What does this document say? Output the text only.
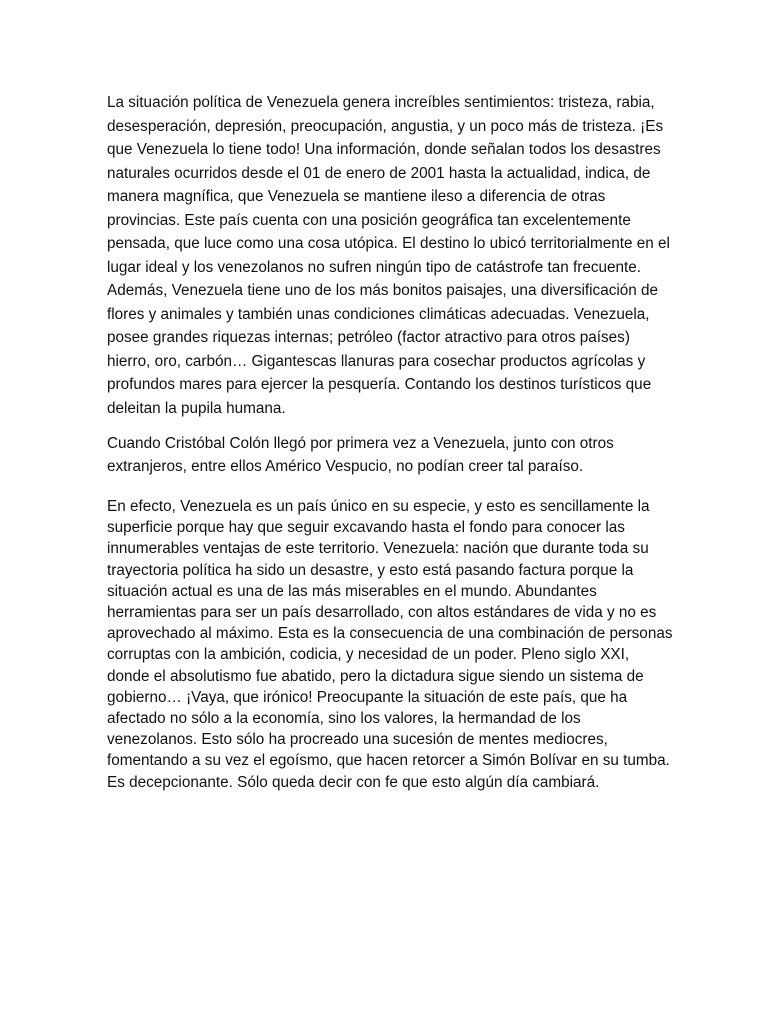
La situación política de Venezuela genera increíbles sentimientos: tristeza, rabia, desesperación, depresión, preocupación, angustia, y un poco más de tristeza. ¡Es que Venezuela lo tiene todo! Una información, donde señalan todos los desastres naturales ocurridos desde el 01 de enero de 2001 hasta la actualidad, indica, de manera magnífica, que Venezuela se mantiene ileso a diferencia de otras provincias. Este país cuenta con una posición geográfica tan excelentemente pensada, que luce como una cosa utópica. El destino lo ubicó territorialmente en el lugar ideal y los venezolanos no sufren ningún tipo de catástrofe tan frecuente. Además, Venezuela tiene uno de los más bonitos paisajes, una diversificación de flores y animales y también unas condiciones climáticas adecuadas. Venezuela, posee grandes riquezas internas; petróleo (factor atractivo para otros países) hierro, oro, carbón… Gigantescas llanuras para cosechar productos agrícolas y profundos mares para ejercer la pesquería. Contando los destinos turísticos que deleitan la pupila humana.

Cuando Cristóbal Colón llegó por primera vez a Venezuela, junto con otros extranjeros, entre ellos Américo Vespucio, no podían creer tal paraíso.

En efecto, Venezuela es un país único en su especie, y esto es sencillamente la superficie porque hay que seguir excavando hasta el fondo para conocer las innumerables ventajas de este territorio. Venezuela: nación que durante toda su trayectoria política ha sido un desastre, y esto está pasando factura porque la situación actual es una de las más miserables en el mundo. Abundantes herramientas para ser un país desarrollado, con altos estándares de vida y no es aprovechado al máximo. Esta es la consecuencia de una combinación de personas corruptas con la ambición, codicia, y necesidad de un poder. Pleno siglo XXI, donde el absolutismo fue abatido, pero la dictadura sigue siendo un sistema de gobierno… ¡Vaya, que irónico! Preocupante la situación de este país, que ha afectado no sólo a la economía, sino los valores, la hermandad de los venezolanos. Esto sólo ha procreado una sucesión de mentes mediocres, fomentando a su vez el egoísmo, que hacen retorcer a Simón Bolívar en su tumba. Es decepcionante. Sólo queda decir con fe que esto algún día cambiará.
